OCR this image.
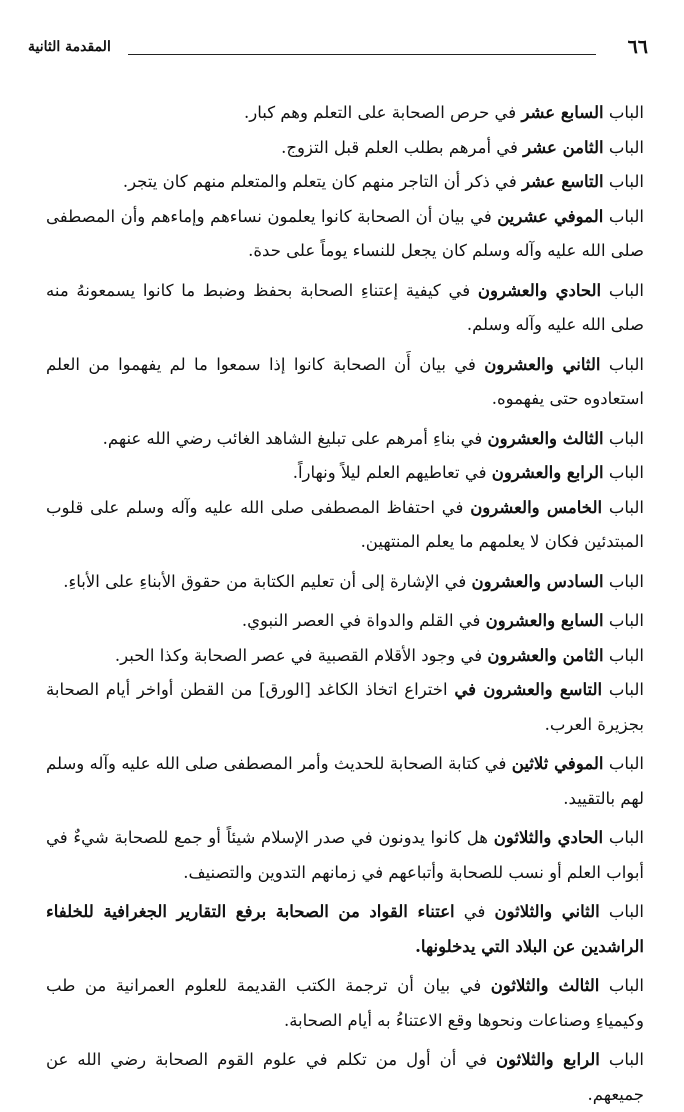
٦٦
المقدمة الثانية

الباب السابع عشر في حرص الصحابة على التعلم وهم كبار.

الباب الثامن عشر في أمرهم بطلب العلم قبل التزوج.

الباب التاسع عشر في ذكر أن التاجر منهم كان يتعلم والمتعلم منهم كان يتجر.

الباب الموفي عشرين في بيان أن الصحابة كانوا يعلمون نساءهم وإماءهم وأن المصطفى صلى الله عليه وآله وسلم كان يجعل للنساء يوماً على حدة.

الباب الحادي والعشرون في كيفية إعتناءِ الصحابة بحفظ وضبط ما كانوا يسمعونهُ منه صلى الله عليه وآله وسلم.

الباب الثاني والعشرون في بيان أَن الصحابة كانوا إذا سمعوا ما لم يفهموا من العلم استعادوه حتى يفهموه.

الباب الثالث والعشرون في بناءِ أمرهم على تبليغ الشاهد الغائب رضي الله عنهم.

الباب الرابع والعشرون في تعاطيهم العلم ليلاً ونهاراً.

الباب الخامس والعشرون في احتفاظ المصطفى صلى الله عليه وآله وسلم على قلوب المبتدئين فكان لا يعلمهم ما يعلم المنتهين.

الباب السادس والعشرون في الإشارة إلى أن تعليم الكتابة من حقوق الأبناءِ على الأباءِ.

الباب السابع والعشرون في القلم والدواة في العصر النبوي.

الباب الثامن والعشرون في وجود الأقلام القصبية في عصر الصحابة وكذا الحبر.

الباب التاسع والعشرون في اختراع اتخاذ الكاغد [الورق] من القطن أواخر أيام الصحابة بجزيرة العرب.

الباب الموفي ثلاثين في كتابة الصحابة للحديث وأمر المصطفى صلى الله عليه وآله وسلم لهم بالتقييد.

الباب الحادي والثلاثون هل كانوا يدونون في صدر الإسلام شيئاً أو جمع للصحابة شيءٌ في أبواب العلم أو نسب للصحابة وأتباعهم في زمانهم التدوين والتصنيف.

الباب الثاني والثلاثون في اعتناء القواد من الصحابة برفع التقارير الجغرافية للخلفاء الراشدين عن البلاد التي يدخلونها.

الباب الثالث والثلاثون في بيان أن ترجمة الكتب القديمة للعلوم العمرانية من طب وكيمياءِ وصناعات ونحوها وقع الاعتناءُ به أيام الصحابة.

الباب الرابع والثلاثون في أن أول من تكلم في علوم القوم الصحابة رضي الله عن جميعهم.
